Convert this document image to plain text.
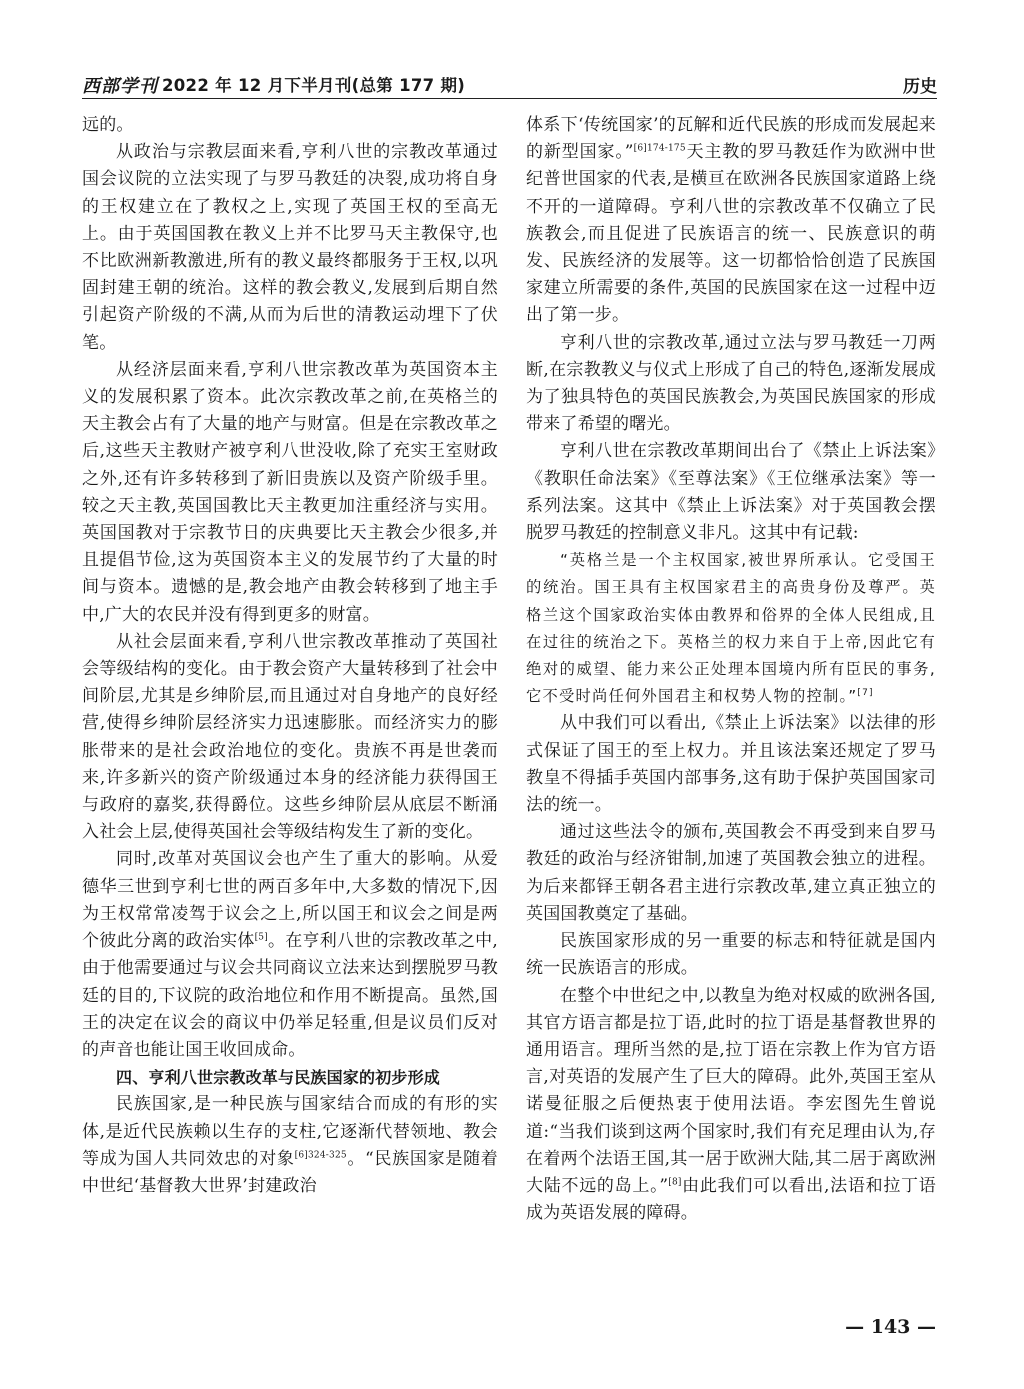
西部学刊 2022 年 12 月下半月刊(总第 177 期)	历史

远的。

从政治与宗教层面来看,亨利八世的宗教改革通过国会议院的立法实现了与罗马教廷的决裂,成功将自身的王权建立在了教权之上,实现了英国王权的至高无上。由于英国国教在教义上并不比罗马天主教保守,也不比欧洲新教激进,所有的教义最终都服务于王权,以巩固封建王朝的统治。这样的教会教义,发展到后期自然引起资产阶级的不满,从而为后世的清教运动埋下了伏笔。

从经济层面来看,亨利八世宗教改革为英国资本主义的发展积累了资本。此次宗教改革之前,在英格兰的天主教会占有了大量的地产与财富。但是在宗教改革之后,这些天主教财产被亨利八世没收,除了充实王室财政之外,还有许多转移到了新旧贵族以及资产阶级手里。较之天主教,英国国教比天主教更加注重经济与实用。英国国教对于宗教节日的庆典要比天主教会少很多,并且提倡节俭,这为英国资本主义的发展节约了大量的时间与资本。遗憾的是,教会地产由教会转移到了地主手中,广大的农民并没有得到更多的财富。

从社会层面来看,亨利八世宗教改革推动了英国社会等级结构的变化。由于教会资产大量转移到了社会中间阶层,尤其是乡绅阶层,而且通过对自身地产的良好经营,使得乡绅阶层经济实力迅速膨胀。而经济实力的膨胀带来的是社会政治地位的变化。贵族不再是世袭而来,许多新兴的资产阶级通过本身的经济能力获得国王与政府的嘉奖,获得爵位。这些乡绅阶层从底层不断涌入社会上层,使得英国社会等级结构发生了新的变化。

同时,改革对英国议会也产生了重大的影响。从爱德华三世到亨利七世的两百多年中,大多数的情况下,因为王权常常凌驾于议会之上,所以国王和议会之间是两个彼此分离的政治实体[5]。在亨利八世的宗教改革之中,由于他需要通过与议会共同商议立法来达到摆脱罗马教廷的目的,下议院的政治地位和作用不断提高。虽然,国王的决定在议会的商议中仍举足轻重,但是议员们反对的声音也能让国王收回成命。

四、亨利八世宗教改革与民族国家的初步形成

民族国家,是一种民族与国家结合而成的有形的实体,是近代民族赖以生存的支柱,它逐渐代替领地、教会等成为国人共同效忠的对象$^{[6]324-325}$。“民族国家是随着中世纪‘基督教大世界’封建政治

体系下‘传统国家’的瓦解和近代民族的形成而发展起来的新型国家。”$^{[6]174-175}$天主教的罗马教廷作为欧洲中世纪普世国家的代表,是横亘在欧洲各民族国家道路上绕不开的一道障碍。亨利八世的宗教改革不仅确立了民族教会,而且促进了民族语言的统一、民族意识的萌发、民族经济的发展等。这一切都恰恰创造了民族国家建立所需要的条件,英国的民族国家在这一过程中迈出了第一步。

亨利八世的宗教改革,通过立法与罗马教廷一刀两断,在宗教教义与仪式上形成了自己的特色,逐渐发展成为了独具特色的英国民族教会,为英国民族国家的形成带来了希望的曙光。

亨利八世在宗教改革期间出台了《禁止上诉法案》《教职任命法案》《至尊法案》《王位继承法案》等一系列法案。这其中《禁止上诉法案》对于英国教会摆脱罗马教廷的控制意义非凡。这其中有记载:

“英格兰是一个主权国家,被世界所承认。它受国王的统治。国王具有主权国家君主的高贵身份及尊严。英格兰这个国家政治实体由教界和俗界的全体人民组成,且在过往的统治之下。英格兰的权力来自于上帝,因此它有绝对的威望、能力来公正处理本国境内所有臣民的事务,它不受时尚任何外国君主和权势人物的控制。”[7]

从中我们可以看出,《禁止上诉法案》以法律的形式保证了国王的至上权力。并且该法案还规定了罗马教皇不得插手英国内部事务,这有助于保护英国国家司法的统一。

通过这些法令的颁布,英国教会不再受到来自罗马教廷的政治与经济钳制,加速了英国教会独立的进程。为后来都铎王朝各君主进行宗教改革,建立真正独立的英国国教奠定了基础。

民族国家形成的另一重要的标志和特征就是国内统一民族语言的形成。

在整个中世纪之中,以教皇为绝对权威的欧洲各国,其官方语言都是拉丁语,此时的拉丁语是基督教世界的通用语言。理所当然的是,拉丁语在宗教上作为官方语言,对英语的发展产生了巨大的障碍。此外,英国王室从诺曼征服之后便热衷于使用法语。李宏图先生曾说道:“当我们谈到这两个国家时,我们有充足理由认为,存在着两个法语王国,其一居于欧洲大陆,其二居于离欧洲大陆不远的岛上。”[8]由此我们可以看出,法语和拉丁语成为英语发展的障碍。

— 143 —
